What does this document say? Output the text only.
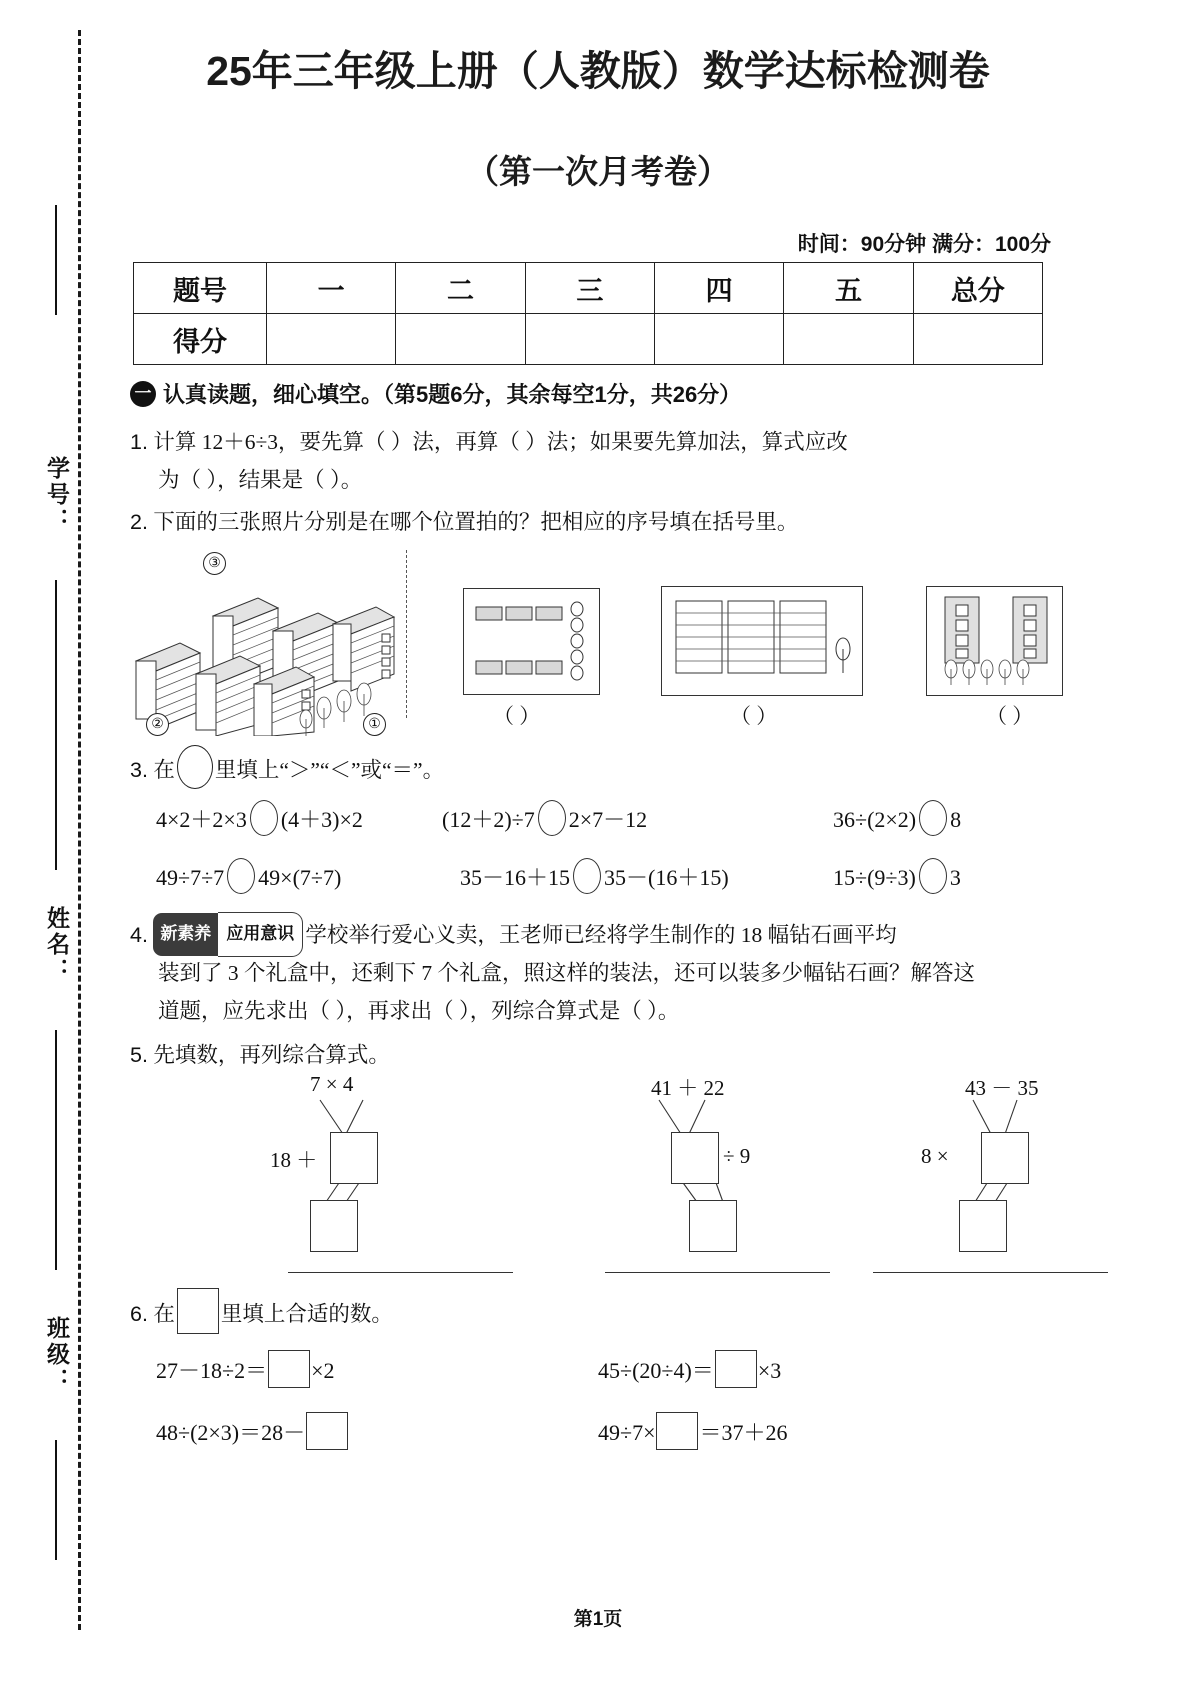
学号：
姓名：
班级：
25年三年级上册（人教版）数学达标检测卷
（第一次月考卷）
时间：90分钟 满分：100分
题号	一	二	三	四	五	总分
得分						
一 认真读题，细心填空。（第5题6分，其余每空1分，共26分）
1. 计算 12＋6÷3，要先算（ ）法，再算（ ）法；如果要先算加法，算式应改
为（ ），结果是（ ）。
2. 下面的三张照片分别是在哪个位置拍的？把相应的序号填在括号里。
③
②	①	（ ）	（ ）	（ ）
3. 在 里填上“＞”“＜”或“＝”。
4×2＋2×3 (4＋3)×2	(12＋2)÷7 2×7－12	36÷(2×2) 8
49÷7÷7 49×(7÷7)	35－16＋15 35－(16＋15)	15÷(9÷3) 3
4. 新素养 应用意识 学校举行爱心义卖，王老师已经将学生制作的 18 幅钻石画平均
装到了 3 个礼盒中，还剩下 7 个礼盒，照这样的装法，还可以装多少幅钻石画？解答这
道题，应先求出（ ），再求出（ ），列综合算式是（ ）。
5. 先填数，再列综合算式。
7 × 4
18 ＋
41 ＋ 22
÷ 9
43 － 35
8 ×
6. 在 里填上合适的数。
27－18÷2＝ ×2	45÷(20÷4)＝ ×3
48÷(2×3)＝28－	49÷7× ＝37＋26
第1页
